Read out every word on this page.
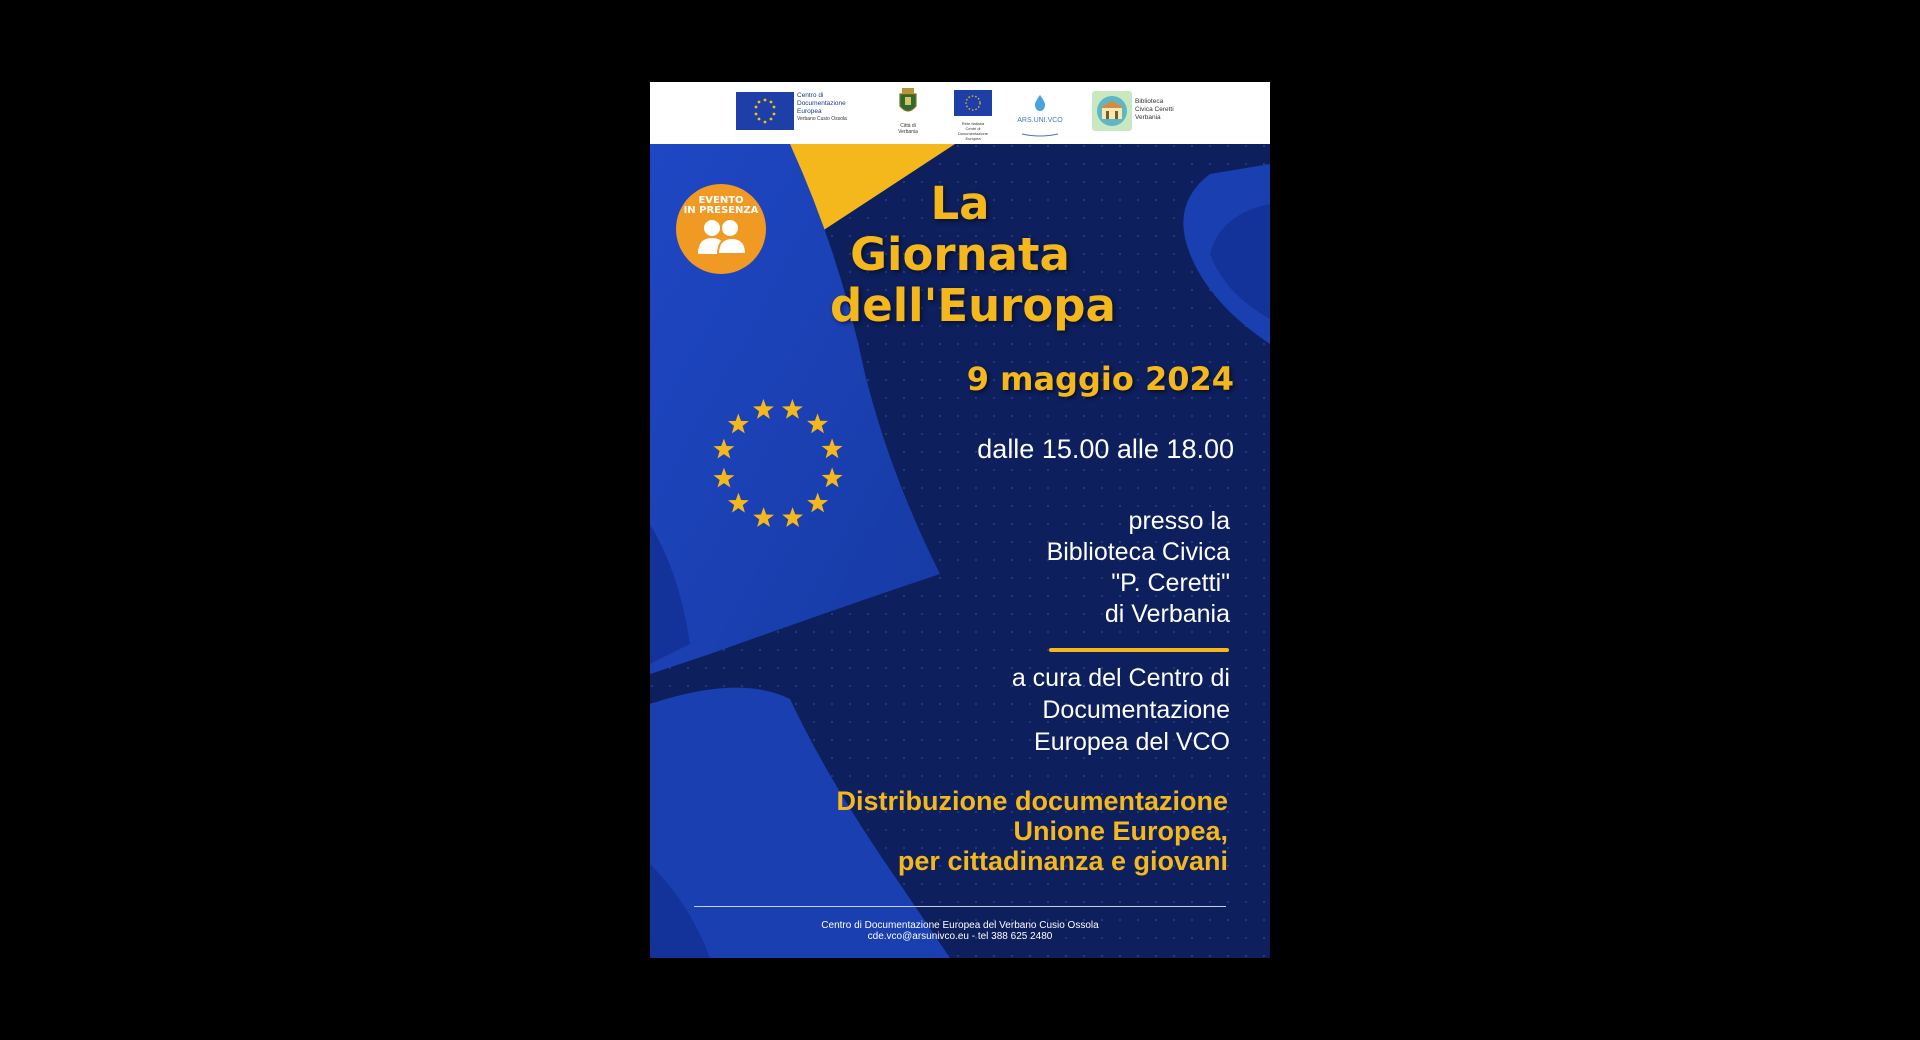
Centro di
Documentazione
Europea
Verbano Cusio Ossola
Città di Verbania
Rete Italiana
Centri di
Documentazione Europea
ARS.UNI.VCO
Biblioteca
Civica Ceretti
Verbania
EVENTO
IN PRESENZA	La
Giornata
dell'Europa
9 maggio 2024
dalle 15.00 alle 18.00
presso la
Biblioteca Civica
"P. Ceretti"
di Verbania
a cura del Centro di
Documentazione
Europea del VCO
Distribuzione documentazione
Unione Europea,
per cittadinanza e giovani
Centro di Documentazione Europea del Verbano Cusio Ossola
cde.vco@arsunivco.eu - tel 388 625 2480
